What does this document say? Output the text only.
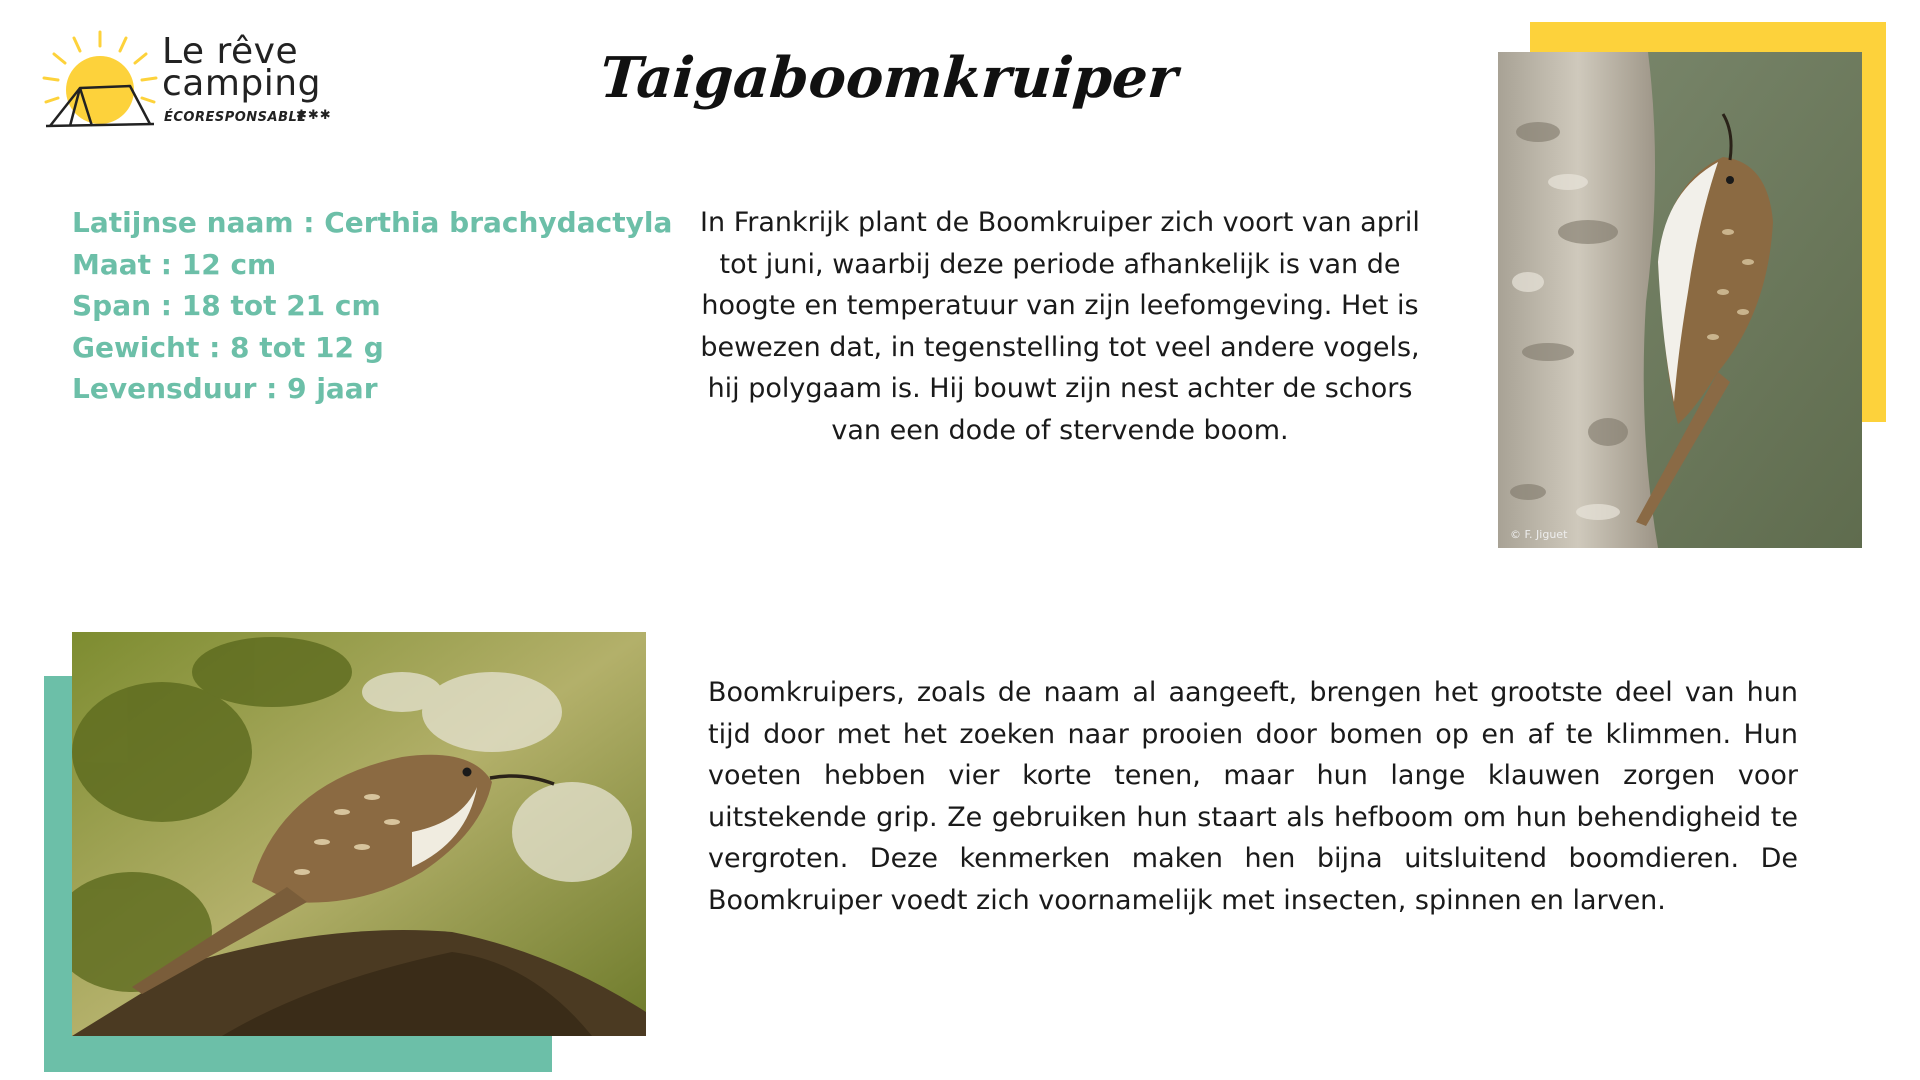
Le rêve
camping
ÉCORESPONSABLE
✱✱✱
Taigaboomkruiper
Latijnse naam : Certhia brachydactyla
Maat : 12 cm
Span : 18 tot 21 cm
Gewicht : 8 tot 12 g
Levensduur : 9 jaar
In Frankrijk plant de Boomkruiper zich voort van april tot juni, waarbij deze periode afhankelijk is van de hoogte en temperatuur van zijn leefomgeving. Het is bewezen dat, in tegenstelling tot veel andere vogels, hij polygaam is. Hij bouwt zijn nest achter de schors van een dode of stervende boom.
© F. Jiguet
Boomkruipers, zoals de naam al aangeeft, brengen het grootste deel van hun tijd door met het zoeken naar prooien door bomen op en af te klimmen. Hun voeten hebben vier korte tenen, maar hun lange klauwen zorgen voor uitstekende grip. Ze gebruiken hun staart als hefboom om hun behendigheid te vergroten. Deze kenmerken maken hen bijna uitsluitend boomdieren. De Boomkruiper voedt zich voornamelijk met insecten, spinnen en larven.
